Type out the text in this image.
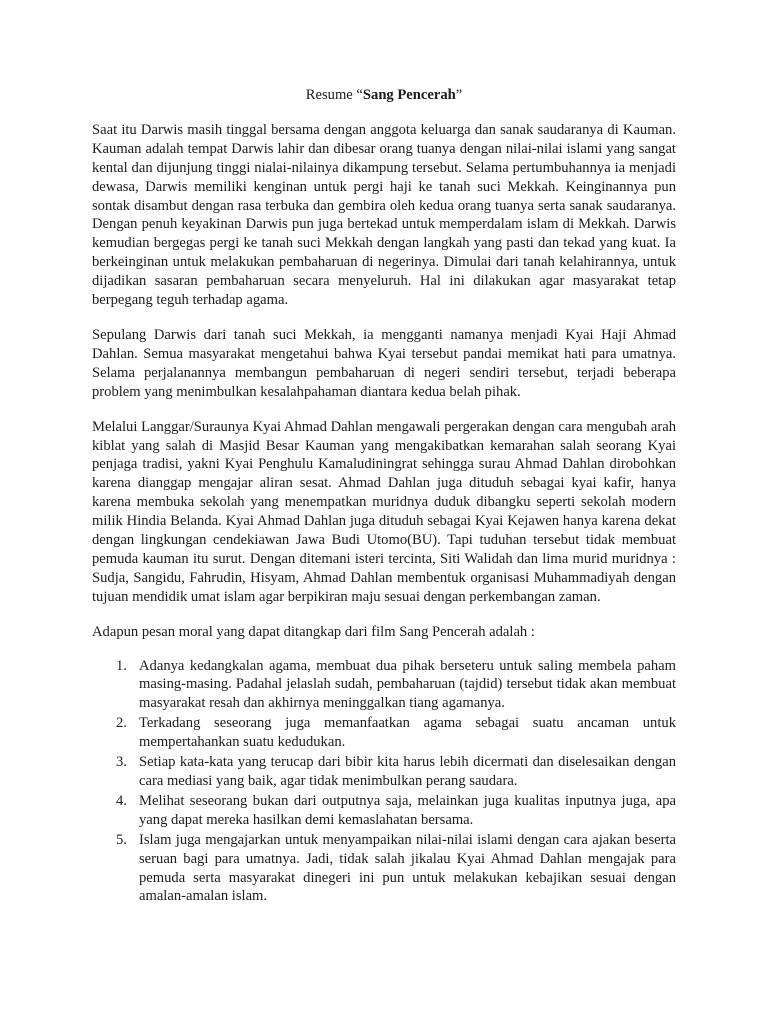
Resume “Sang Pencerah”

Saat itu Darwis masih tinggal bersama dengan anggota keluarga dan sanak saudaranya di Kauman. Kauman adalah tempat Darwis lahir dan dibesar orang tuanya dengan nilai-nilai islami yang sangat kental dan dijunjung tinggi nialai-nilainya dikampung tersebut. Selama pertumbuhannya ia menjadi dewasa, Darwis memiliki kenginan untuk pergi haji ke tanah suci Mekkah. Keinginannya pun sontak disambut dengan rasa terbuka dan gembira oleh kedua orang tuanya serta sanak saudaranya. Dengan penuh keyakinan Darwis pun juga bertekad untuk memperdalam islam di Mekkah. Darwis kemudian bergegas pergi ke tanah suci Mekkah dengan langkah yang pasti dan tekad yang kuat. Ia berkeinginan untuk melakukan pembaharuan di negerinya. Dimulai dari tanah kelahirannya, untuk dijadikan sasaran pembaharuan secara menyeluruh. Hal ini dilakukan agar masyarakat tetap berpegang teguh terhadap agama.

Sepulang Darwis dari tanah suci Mekkah, ia mengganti namanya menjadi Kyai Haji Ahmad Dahlan. Semua masyarakat mengetahui bahwa Kyai tersebut pandai memikat hati para umatnya. Selama perjalanannya membangun pembaharuan di negeri sendiri tersebut, terjadi beberapa problem yang menimbulkan kesalahpahaman diantara kedua belah pihak.

Melalui Langgar/Suraunya Kyai Ahmad Dahlan mengawali pergerakan dengan cara mengubah arah kiblat yang salah di Masjid Besar Kauman yang mengakibatkan kemarahan salah seorang Kyai penjaga tradisi, yakni Kyai Penghulu Kamaludiningrat sehingga surau Ahmad Dahlan dirobohkan karena dianggap mengajar aliran sesat. Ahmad Dahlan juga dituduh sebagai kyai kafir, hanya karena membuka sekolah yang menempatkan muridnya duduk dibangku seperti sekolah modern milik Hindia Belanda. Kyai Ahmad Dahlan juga dituduh sebagai Kyai Kejawen hanya karena dekat dengan lingkungan cendekiawan Jawa Budi Utomo(BU). Tapi tuduhan tersebut tidak membuat pemuda kauman itu surut. Dengan ditemani isteri tercinta, Siti Walidah dan lima murid muridnya : Sudja, Sangidu, Fahrudin, Hisyam, Ahmad Dahlan membentuk organisasi Muhammadiyah dengan tujuan mendidik umat islam agar berpikiran maju sesuai dengan perkembangan zaman.

Adapun pesan moral yang dapat ditangkap dari film Sang Pencerah adalah :

1. Adanya kedangkalan agama, membuat dua pihak berseteru untuk saling membela paham masing-masing. Padahal jelaslah sudah, pembaharuan (tajdid) tersebut tidak akan membuat masyarakat resah dan akhirnya meninggalkan tiang agamanya.
2. Terkadang seseorang juga memanfaatkan agama sebagai suatu ancaman untuk mempertahankan suatu kedudukan.
3. Setiap kata-kata yang terucap dari bibir kita harus lebih dicermati dan diselesaikan dengan cara mediasi yang baik, agar tidak menimbulkan perang saudara.
4. Melihat seseorang bukan dari outputnya saja, melainkan juga kualitas inputnya juga, apa yang dapat mereka hasilkan demi kemaslahatan bersama.
5. Islam juga mengajarkan untuk menyampaikan nilai-nilai islami dengan cara ajakan beserta seruan bagi para umatnya. Jadi, tidak salah jikalau Kyai Ahmad Dahlan mengajak para pemuda serta masyarakat dinegeri ini pun untuk melakukan kebajikan sesuai dengan amalan-amalan islam.
